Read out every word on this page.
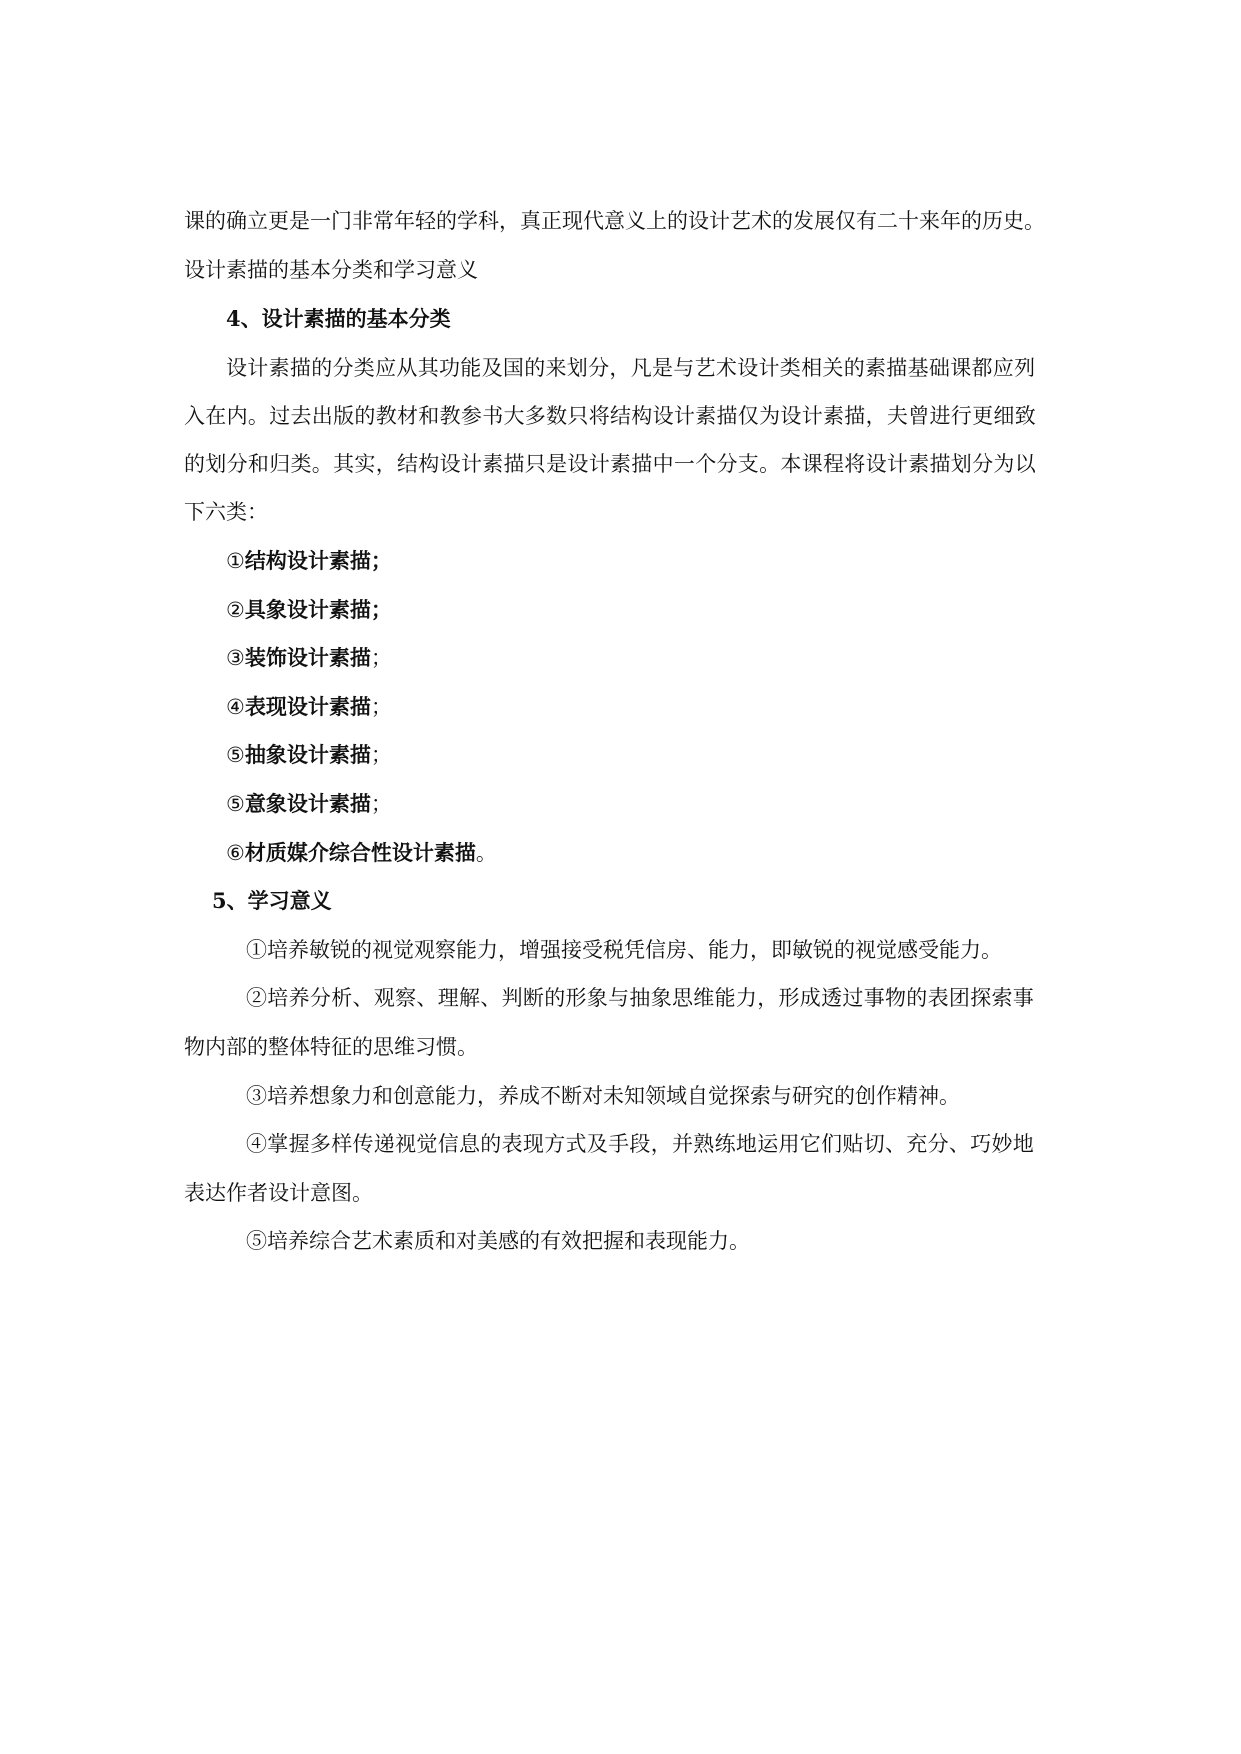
课的确立更是一门非常年轻的学科，真正现代意义上的设计艺术的发展仅有二十来年的历史。
设计素描的基本分类和学习意义
4、设计素描的基本分类
设计素描的分类应从其功能及国的来划分，凡是与艺术设计类相关的素描基础课都应列
入在内。过去出版的教材和教参书大多数只将结构设计素描仅为设计素描，夫曾进行更细致
的划分和归类。其实，结构设计素描只是设计素描中一个分支。本课程将设计素描划分为以
下六类：
①结构设计素描；
②具象设计素描；
③装饰设计素描；
④表现设计素描；
⑤抽象设计素描；
⑤意象设计素描；
⑥材质媒介综合性设计素描。
5、学习意义
①培养敏锐的视觉观察能力，增强接受税凭信房、能力，即敏锐的视觉感受能力。
②培养分析、观察、理解、判断的形象与抽象思维能力，形成透过事物的表团探索事
物内部的整体特征的思维习惯。
③培养想象力和创意能力，养成不断对未知领域自觉探索与研究的创作精神。
④掌握多样传递视觉信息的表现方式及手段，并熟练地运用它们贴切、充分、巧妙地
表达作者设计意图。
⑤培养综合艺术素质和对美感的有效把握和表现能力。
